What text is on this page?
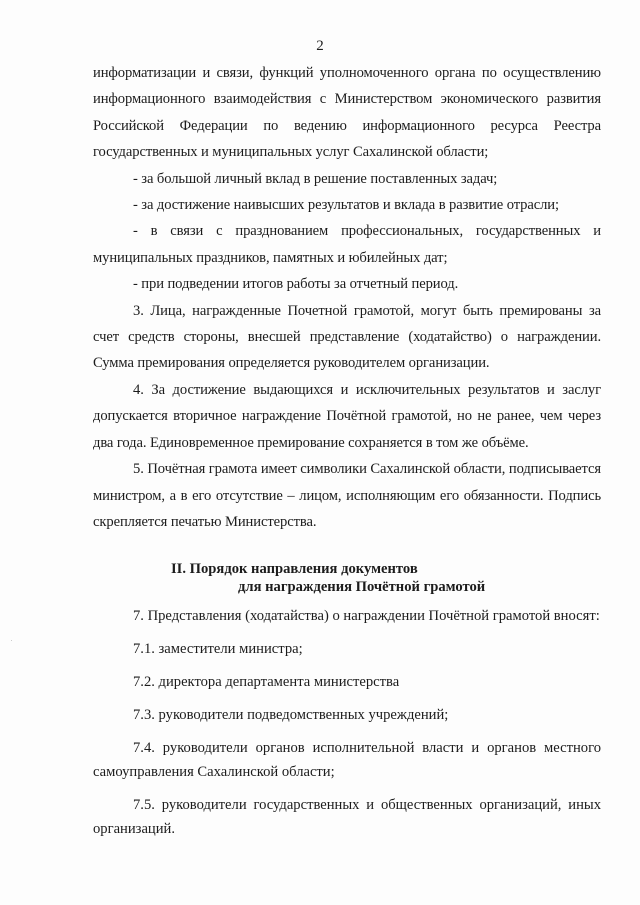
2

информатизации и связи, функций уполномоченного органа по осуществлению информационного взаимодействия с Министерством экономического развития Российской Федерации по ведению информационного ресурса Реестра государственных и муниципальных услуг Сахалинской области;

- за большой личный вклад в решение поставленных задач;

- за достижение наивысших результатов и вклада в развитие отрасли;

- в связи с празднованием профессиональных, государственных и муниципальных праздников, памятных и юбилейных дат;

- при подведении итогов работы за отчетный период.

3. Лица, награжденные Почетной грамотой, могут быть премированы за счет средств стороны, внесшей представление (ходатайство) о награждении. Сумма премирования определяется руководителем организации.

4. За достижение выдающихся и исключительных результатов и заслуг допускается вторичное награждение Почётной грамотой, но не ранее, чем через два года. Единовременное премирование сохраняется в том же объёме.

5. Почётная грамота имеет символики Сахалинской области, подписывается министром, а в его отсутствие – лицом, исполняющим его обязанности. Подпись скрепляется печатью Министерства.

II. Порядок направления документов
для награждения Почётной грамотой

7. Представления (ходатайства) о награждении Почётной грамотой вносят:

7.1. заместители министра;

7.2. директора департамента министерства

7.3. руководители подведомственных учреждений;

7.4. руководители органов исполнительной власти и органов местного самоуправления Сахалинской области;

7.5. руководители государственных и общественных организаций, иных организаций.
